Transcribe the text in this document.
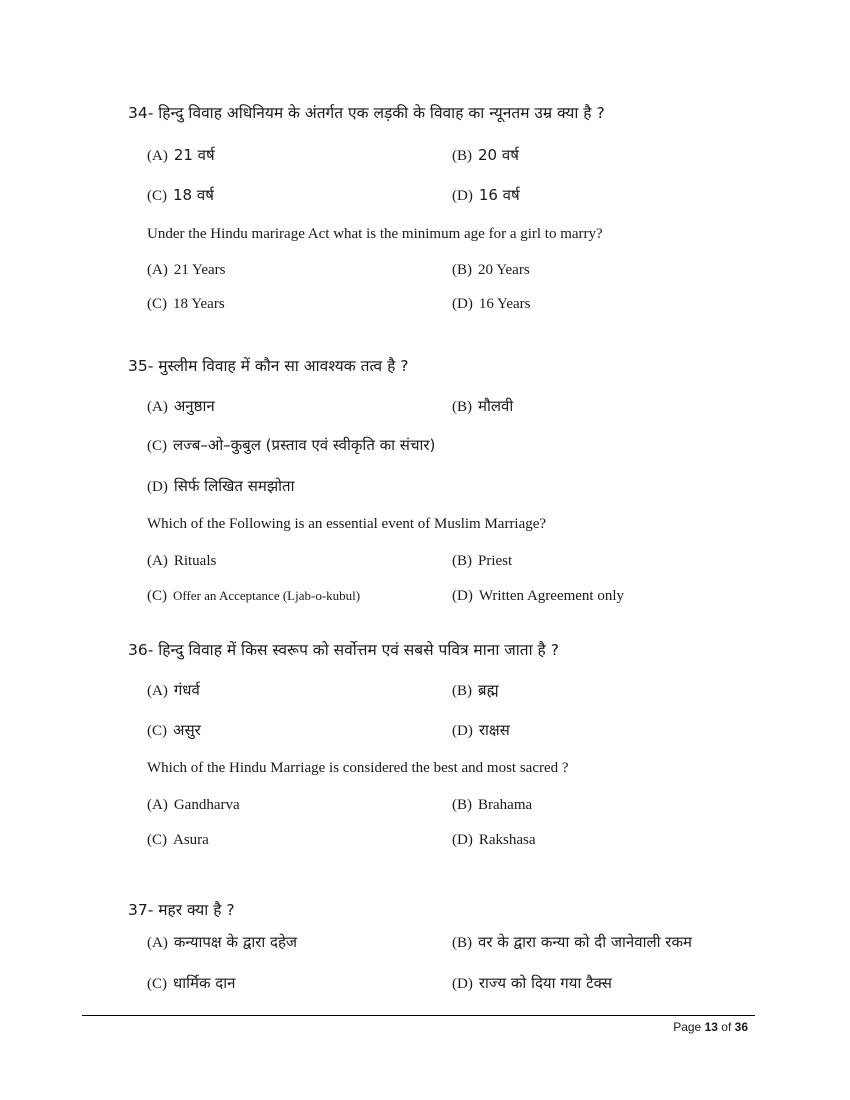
34- हिन्दु विवाह अधिनियम के अंतर्गत एक लड़की के विवाह का न्यूनतम उम्र क्या है ?
(A) 21 वर्ष	(B) 20 वर्ष
(C) 18 वर्ष	(D) 16 वर्ष
Under the Hindu marirage Act what is the minimum age for a girl to marry?
(A) 21 Years	(B) 20 Years
(C) 18 Years	(D) 16 Years
35- मुस्लीम विवाह में कौन सा आवश्यक तत्व है ?
(A) अनुष्ठान	(B) मौलवी
(C) लज्ब–ओ–कुबुल (प्रस्ताव एवं स्वीकृति का संचार)
(D) सिर्फ लिखित समझोता
Which of the Following is an essential event of Muslim Marriage?
(A) Rituals	(B) Priest
(C) Offer an Acceptance (Ljab-o-kubul)	(D) Written Agreement only
36- हिन्दु विवाह में किस स्वरूप को सर्वोत्तम एवं सबसे पवित्र माना जाता है ?
(A) गंधर्व	(B) ब्रह्म
(C) असुर	(D) राक्षस
Which of the Hindu Marriage is considered the best and most sacred ?
(A) Gandharva	(B) Brahama
(C) Asura	(D) Rakshasa
37- महर क्या है ?
(A) कन्यापक्ष के द्वारा दहेज	(B) वर के द्वारा कन्या को दी जानेवाली रकम
(C) धार्मिक दान	(D) राज्य को दिया गया टैक्स
Page 13 of 36
